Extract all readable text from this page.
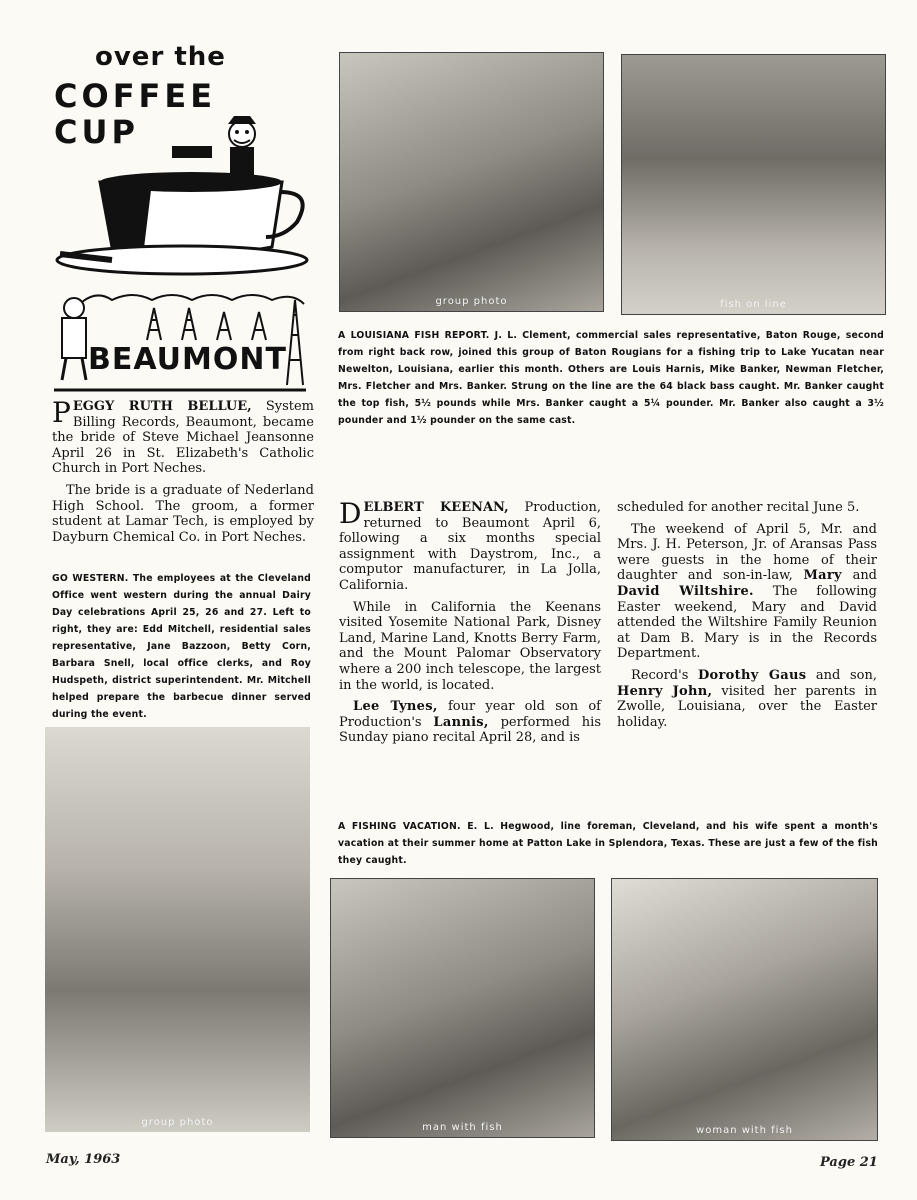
over the
COFFEE
CUP
BEAUMONT
group photo	fish on line
A LOUISIANA FISH REPORT. J. L. Clement, commercial sales representative, Baton Rouge, second from right back row, joined this group of Baton Rougians for a fishing trip to Lake Yucatan near Newelton, Louisiana, earlier this month. Others are Louis Harnis, Mike Banker, Newman Fletcher, Mrs. Fletcher and Mrs. Banker. Strung on the line are the 64 black bass caught. Mr. Banker caught the top fish, 5½ pounds while Mrs. Banker caught a 5¼ pounder. Mr. Banker also caught a 3½ pounder and 1½ pounder on the same cast.

PEGGY RUTH BELLUE, System Billing Records, Beaumont, became the bride of Steve Michael Jeansonne April 26 in St. Elizabeth's Catholic Church in Port Neches.

The bride is a graduate of Nederland High School. The groom, a former student at Lamar Tech, is employed by Dayburn Chemical Co. in Port Neches.

GO WESTERN. The employees at the Cleveland Office went western during the annual Dairy Day celebrations April 25, 26 and 27. Left to right, they are: Edd Mitchell, residential sales representative, Jane Bazzoon, Betty Corn, Barbara Snell, local office clerks, and Roy Hudspeth, district superintendent. Mr. Mitchell helped prepare the barbecue dinner served during the event.

DELBERT KEENAN, Production, returned to Beaumont April 6, following a six months special assignment with Daystrom, Inc., a computor manufacturer, in La Jolla, California.

While in California the Keenans visited Yosemite National Park, Disney Land, Marine Land, Knotts Berry Farm, and the Mount Palomar Observatory where a 200 inch telescope, the largest in the world, is located.

Lee Tynes, four year old son of Production's Lannis, performed his Sunday piano recital April 28, and is

scheduled for another recital June 5.

The weekend of April 5, Mr. and Mrs. J. H. Peterson, Jr. of Aransas Pass were guests in the home of their daughter and son-in-law, Mary and David Wiltshire. The following Easter weekend, Mary and David attended the Wiltshire Family Reunion at Dam B. Mary is in the Records Department.

Record's Dorothy Gaus and son, Henry John, visited her parents in Zwolle, Louisiana, over the Easter holiday.

group photo
A FISHING VACATION. E. L. Hegwood, line foreman, Cleveland, and his wife spent a month's vacation at their summer home at Patton Lake in Splendora, Texas. These are just a few of the fish they caught.
man with fish	woman with fish
May, 1963	Page 21
